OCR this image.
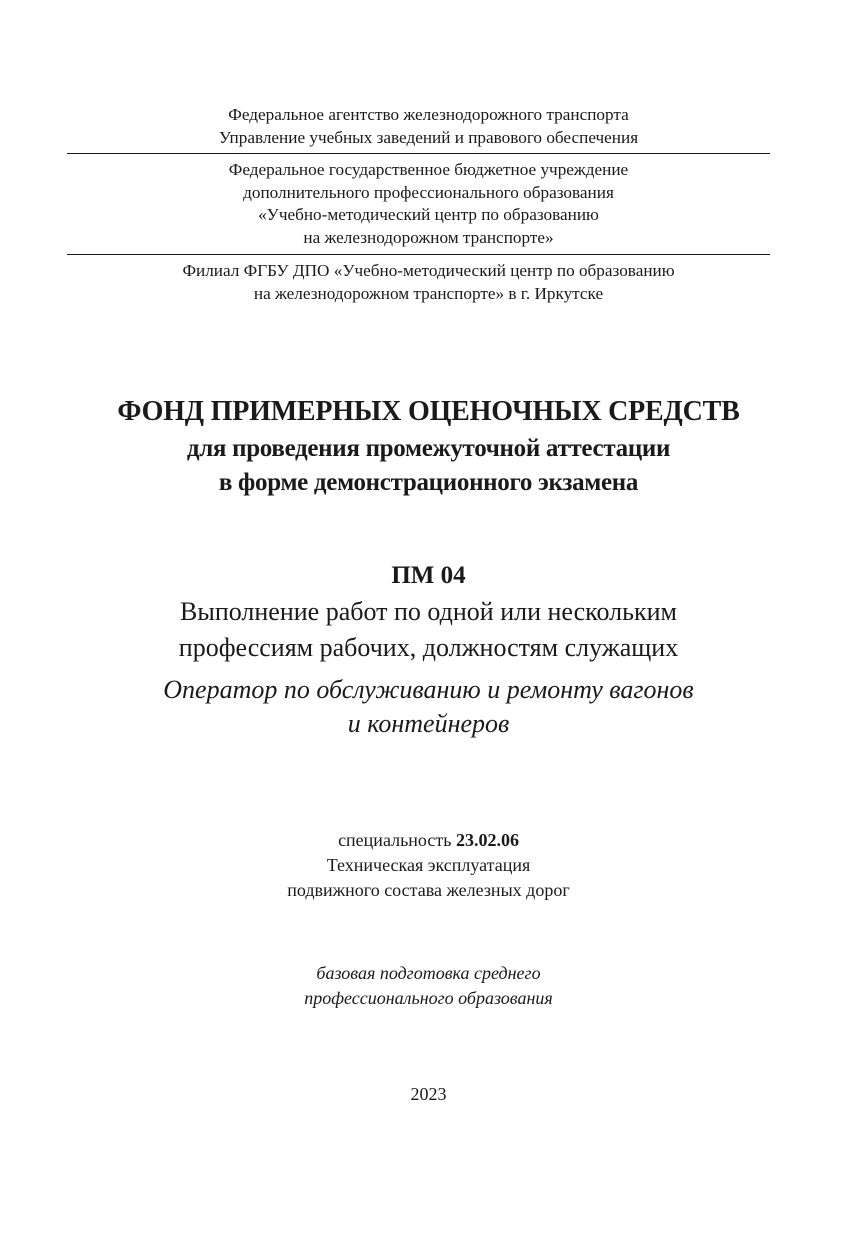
Федеральное агентство железнодорожного транспорта
Управление учебных заведений и правового обеспечения
Федеральное государственное бюджетное учреждение
дополнительного профессионального образования
«Учебно-методический центр по образованию
на железнодорожном транспорте»
Филиал ФГБУ ДПО «Учебно-методический центр по образованию
на железнодорожном транспорте» в г. Иркутске
ФОНД ПРИМЕРНЫХ ОЦЕНОЧНЫХ СРЕДСТВ
для проведения промежуточной аттестации
в форме демонстрационного экзамена
ПМ 04
Выполнение работ по одной или нескольким
профессиям рабочих, должностям служащих
Оператор по обслуживанию и ремонту вагонов
и контейнеров
специальность 23.02.06
Техническая эксплуатация
подвижного состава железных дорог
базовая подготовка среднего
профессионального образования
2023
